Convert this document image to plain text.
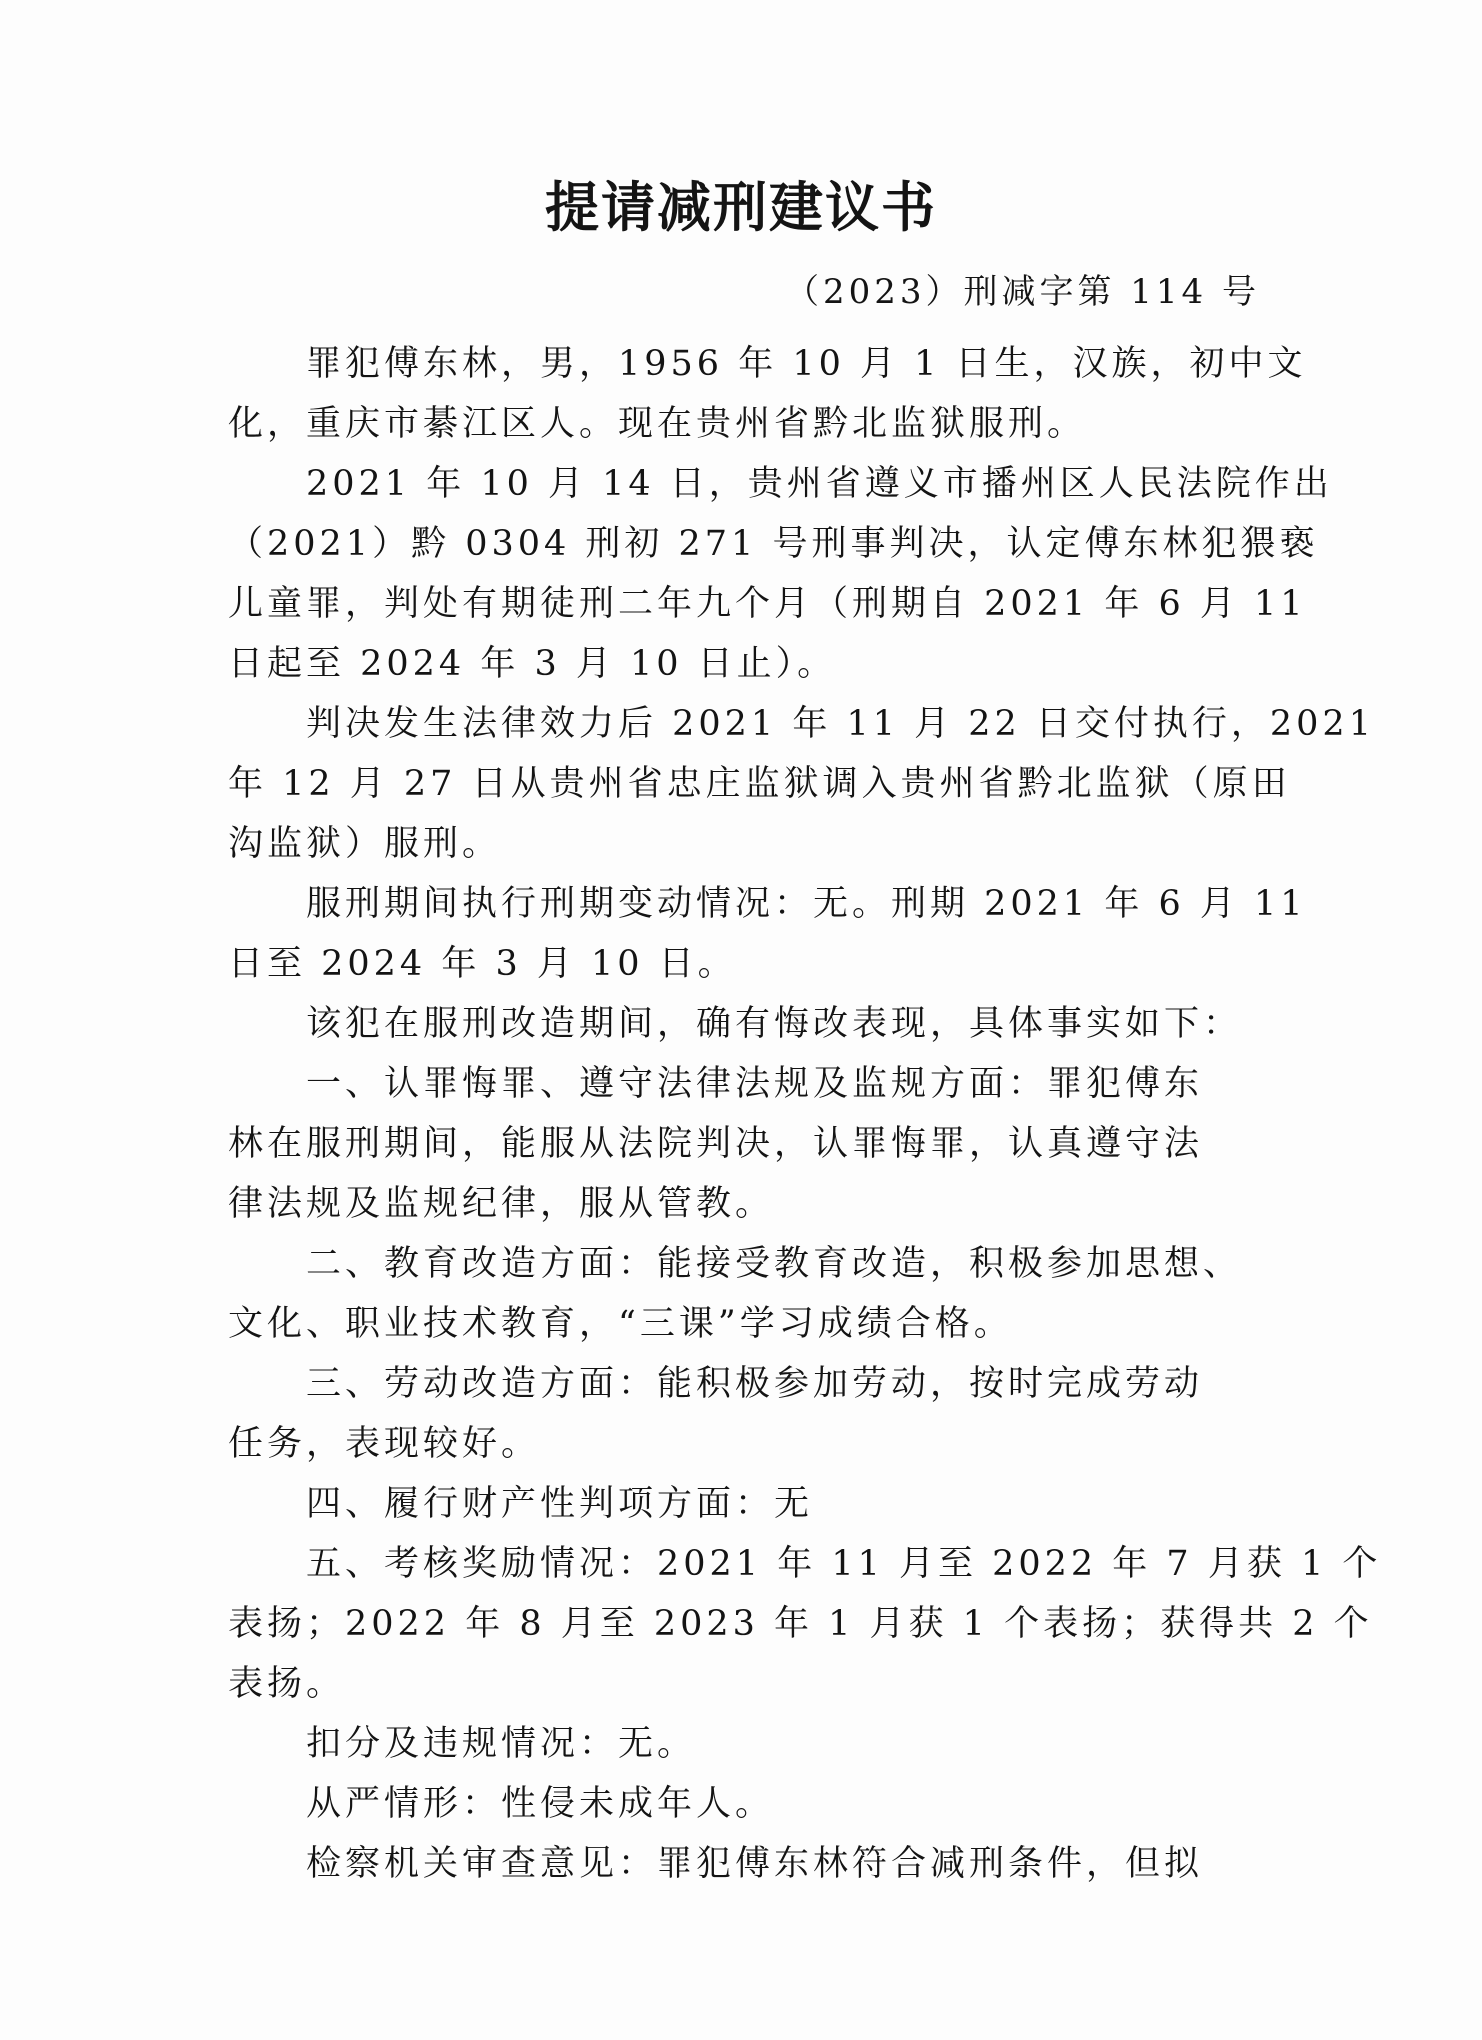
提请减刑建议书
（2023）刑减字第 114 号
罪犯傅东林，男，1956 年 10 月 1 日生，汉族，初中文
化，重庆市綦江区人。现在贵州省黔北监狱服刑。
2021 年 10 月 14 日，贵州省遵义市播州区人民法院作出
（2021）黔 0304 刑初 271 号刑事判决，认定傅东林犯猥亵
儿童罪，判处有期徒刑二年九个月（刑期自 2021 年 6 月 11
日起至 2024 年 3 月 10 日止）。
判决发生法律效力后 2021 年 11 月 22 日交付执行，2021
年 12 月 27 日从贵州省忠庄监狱调入贵州省黔北监狱（原田
沟监狱）服刑。
服刑期间执行刑期变动情况：无。刑期 2021 年 6 月 11
日至 2024 年 3 月 10 日。
该犯在服刑改造期间，确有悔改表现，具体事实如下：
一、认罪悔罪、遵守法律法规及监规方面：罪犯傅东
林在服刑期间，能服从法院判决，认罪悔罪，认真遵守法
律法规及监规纪律，服从管教。
二、教育改造方面：能接受教育改造，积极参加思想、
文化、职业技术教育，“三课”学习成绩合格。
三、劳动改造方面：能积极参加劳动，按时完成劳动
任务，表现较好。
四、履行财产性判项方面：无
五、考核奖励情况：2021 年 11 月至 2022 年 7 月获 1 个
表扬；2022 年 8 月至 2023 年 1 月获 1 个表扬；获得共 2 个
表扬。
扣分及违规情况：无。
从严情形：性侵未成年人。
检察机关审查意见：罪犯傅东林符合减刑条件，但拟
